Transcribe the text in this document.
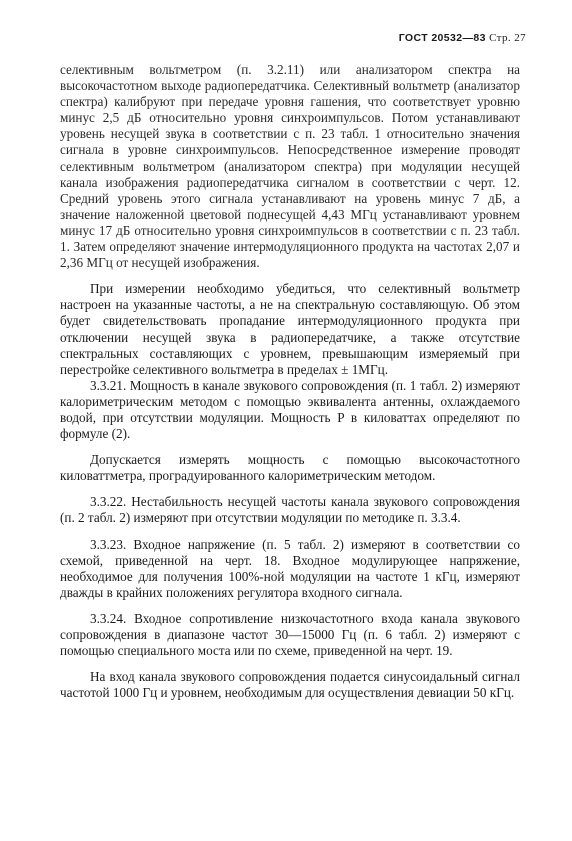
ГОСТ 20532—83 Стр. 27

селективным вольтметром (п. 3.2.11) или анализатором спектра на высокочастотном выходе радиопередатчика. Селективный вольтметр (анализатор спектра) калибруют при передаче уровня гашения, что соответствует уровню минус 2,5 дБ относительно уровня синхроимпульсов. Потом устанавливают уровень несущей звука в соответствии с п. 23 табл. 1 относительно значения сигнала в уровне синхроимпульсов. Непосредственное измерение проводят селективным вольтметром (анализатором спектра) при модуляции несущей канала изображения радиопередатчика сигналом в соответствии с черт. 12. Средний уровень этого сигнала устанавливают на уровень минус 7 дБ, а значение наложенной цветовой поднесущей 4,43 МГц устанавливают уровнем минус 17 дБ относительно уровня синхроимпульсов в соответствии с п. 23 табл. 1. Затем определяют значение интермодуляционного продукта на частотах 2,07 и 2,36 МГц от несущей изображения.

При измерении необходимо убедиться, что селективный вольтметр настроен на указанные частоты, а не на спектральную составляющую. Об этом будет свидетельствовать пропадание интермодуляционного продукта при отключении несущей звука в радиопередатчике, а также отсутствие спектральных составляющих с уровнем, превышающим измеряемый при перестройке селективного вольтметра в пределах ± 1МГц.

3.3.21. Мощность в канале звукового сопровождения (п. 1 табл. 2) измеряют калориметрическим методом с помощью эквивалента антенны, охлаждаемого водой, при отсутствии модуляции. Мощность P в киловаттах определяют по формуле (2).

Допускается измерять мощность с помощью высокочастотного киловаттметра, проградуированного калориметрическим методом.

3.3.22. Нестабильность несущей частоты канала звукового сопровождения (п. 2 табл. 2) измеряют при отсутствии модуляции по методике п. 3.3.4.

3.3.23. Входное напряжение (п. 5 табл. 2) измеряют в соответствии со схемой, приведенной на черт. 18. Входное модулирующее напряжение, необходимое для получения 100%-ной модуляции на частоте 1 кГц, измеряют дважды в крайних положениях регулятора входного сигнала.

3.3.24. Входное сопротивление низкочастотного входа канала звукового сопровождения в диапазоне частот 30—15000 Гц (п. 6 табл. 2) измеряют с помощью специального моста или по схеме, приведенной на черт. 19.

На вход канала звукового сопровождения подается синусоидальный сигнал частотой 1000 Гц и уровнем, необходимым для осуществления девиации 50 кГц.
